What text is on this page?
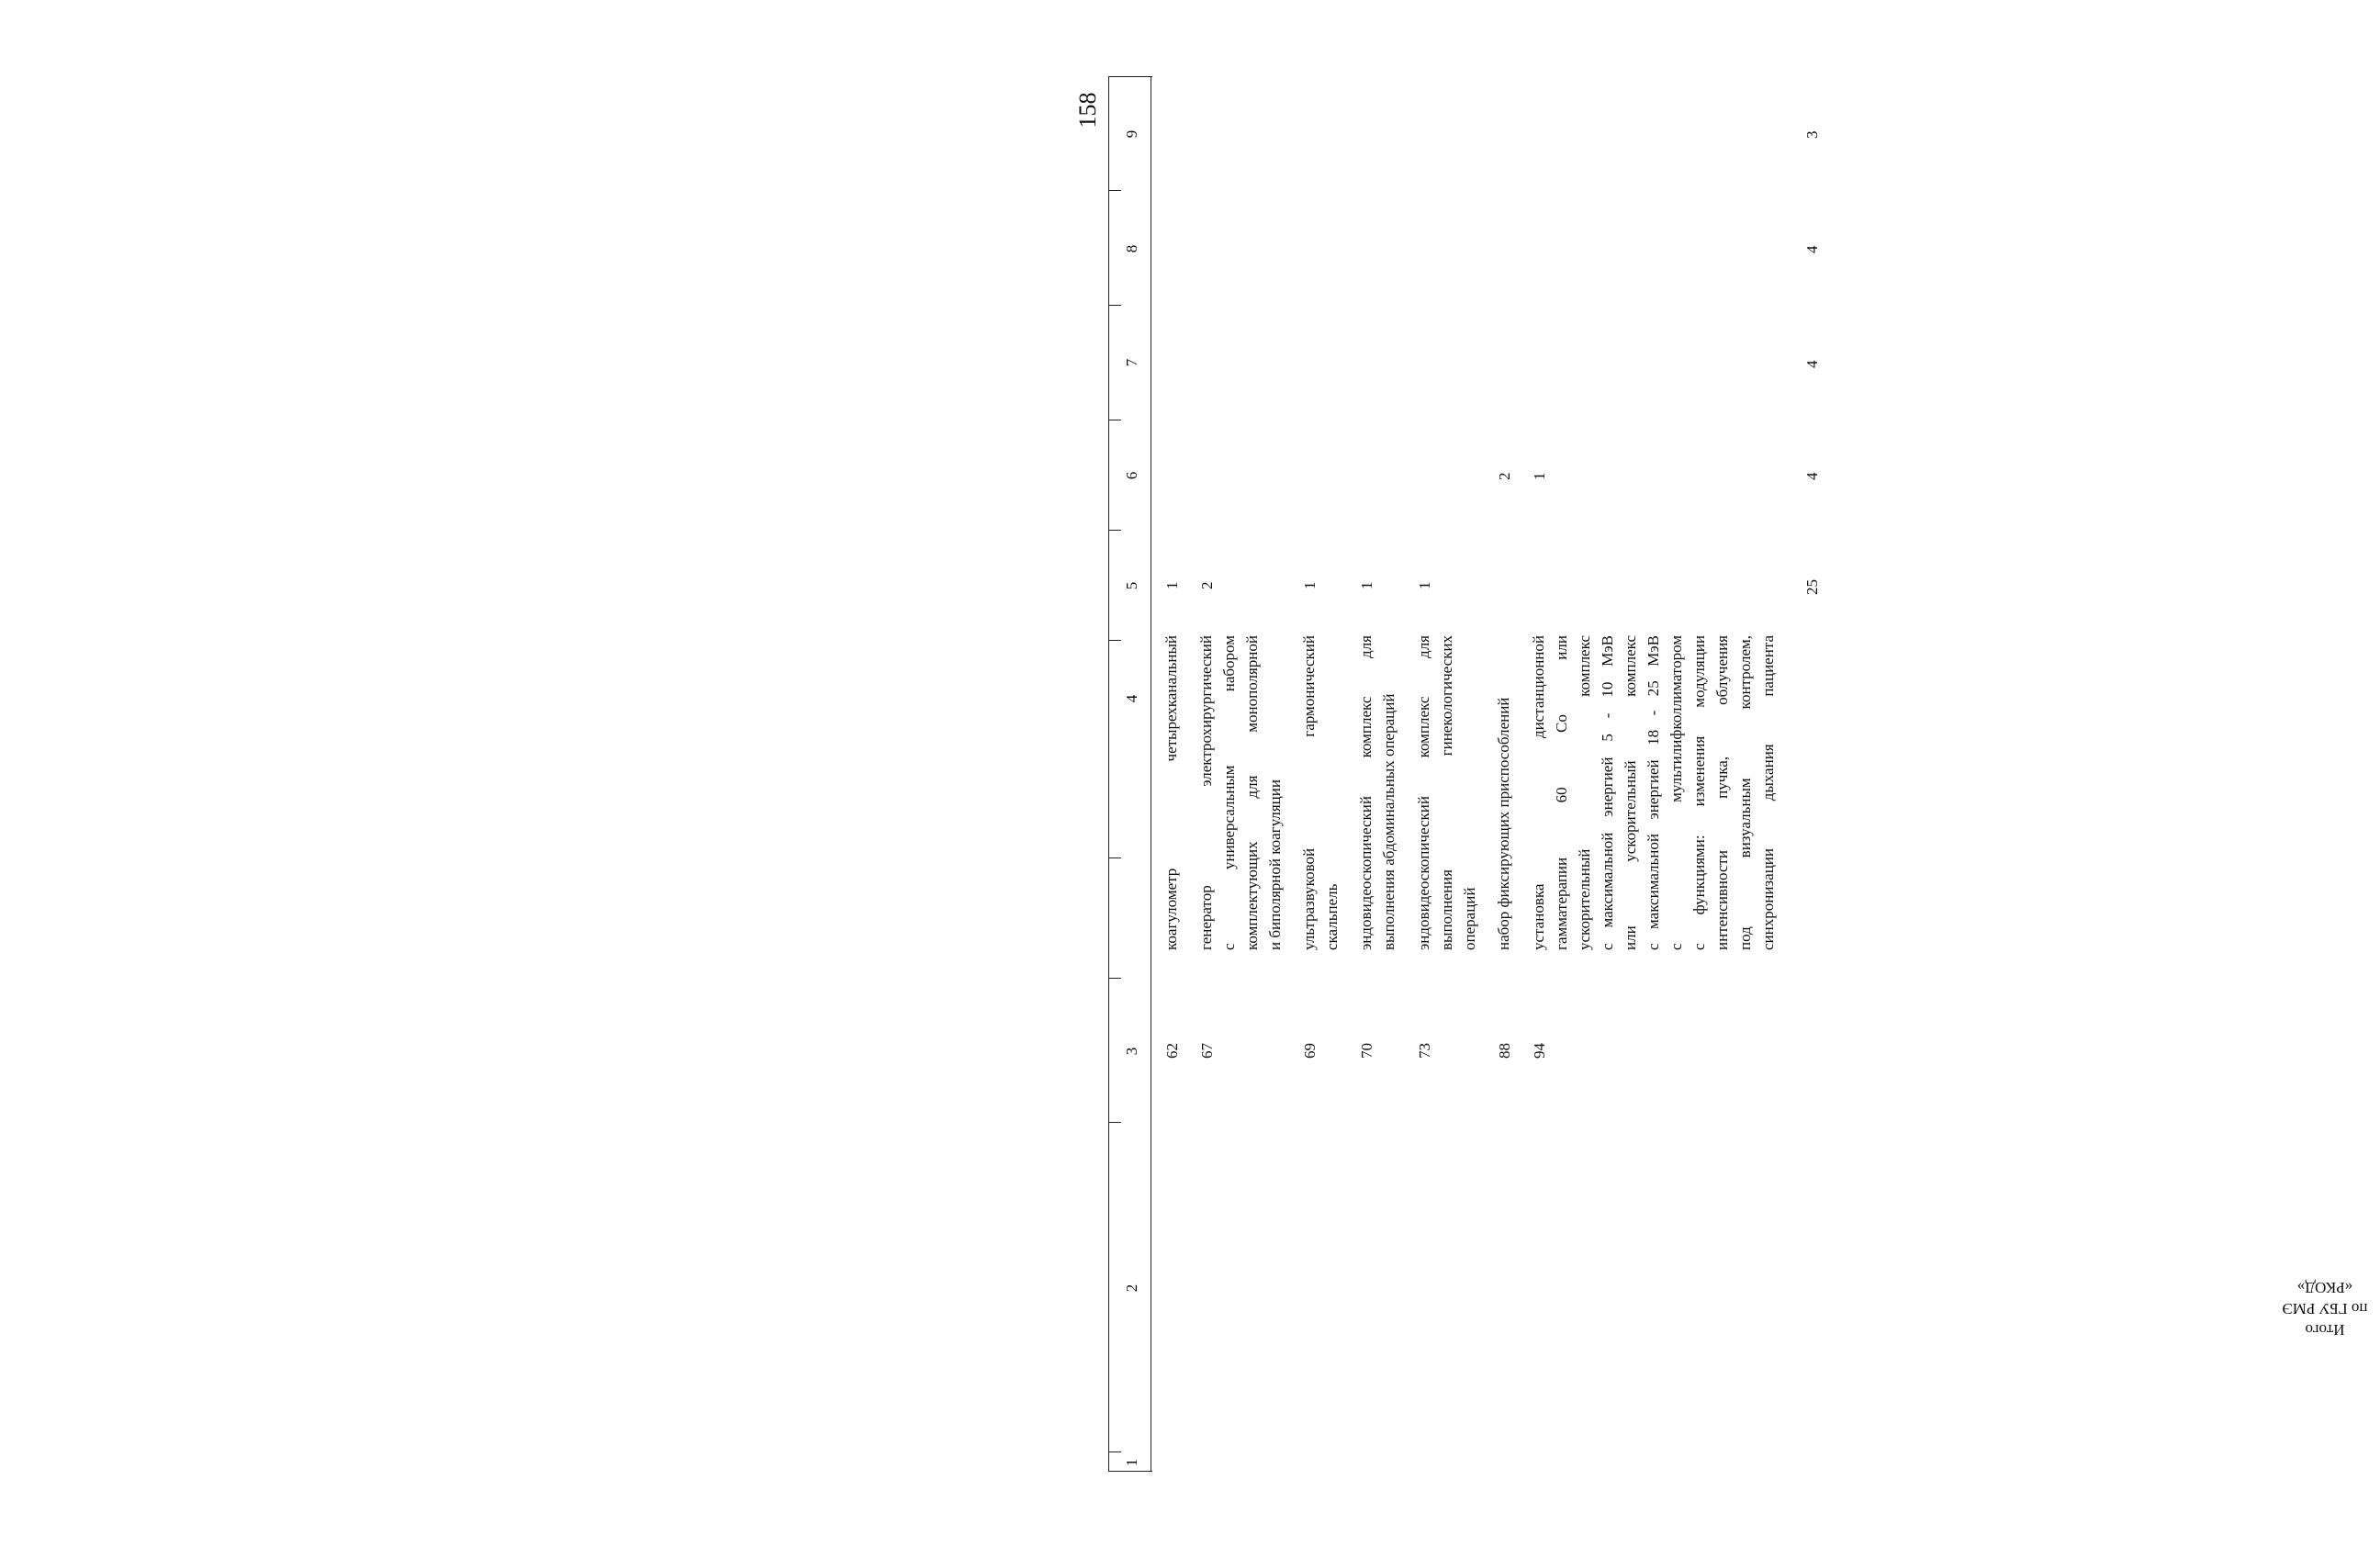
158
1
2
3
4
5
6
7
8
9
62
коагулометр четырехканальный
1
67
генератор электрохирургический с универсальным набором комплектующих для монополярной и биполярной коагуляции
2
69
ультразвуковой гармонический скальпель
1
70
эндовидеоскопический комплекс для выполнения абдоминальных операций
1
73
эндовидеоскопический комплекс для выполнения гинекологических операций
1
88
набор фиксирующих приспособлений
2
94
установка дистанционной гамматерапии 60 Co или ускорительный комплекс с максимальной энергией 5 - 10 МэВ или ускорительный комплекс с максимальной энергией 18 - 25 МэВ с мультилифколлиматором с функциями: изменения модуляции интенсивности пучка, облучения под визуальным контролем, синхронизации дыхания пациента
1
Итого
по ГБУ РМЭ
«РКОД»
25
4
4
4
3
